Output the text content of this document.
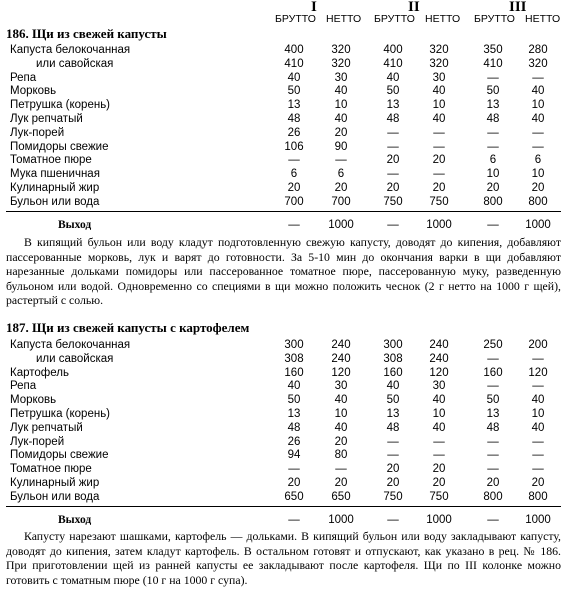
I	II	III
БРУТТО НЕТТО БРУТТО НЕТТО БРУТТО НЕТТО
186. Щи из свежей капусты
Капуста белокочанная	400	320	400	320	350	280
или савойская	410	320	410	320	410	320
Репа	40	30	40	30	—	—
Морковь	50	40	50	40	50	40
Петрушка (корень)	13	10	13	10	13	10
Лук репчатый	48	40	48	40	48	40
Лук-порей	26	20	—	—	—	—
Помидоры свежие	106	90	—	—	—	—
Томатное пюре	—	—	20	20	6	6
Мука пшеничная	6	6	—	—	10	10
Кулинарный жир	20	20	20	20	20	20
Бульон или вода	700	700	750	750	800	800
Выход	—	1000	—	1000	—	1000

В кипящий бульон или воду кладут подготовленную свежую капусту, доводят до кипения, добавляют пассерованные морковь, лук и варят до готовности. За 5-10 мин до окончания варки в щи добавляют нарезанные дольками помидоры или пассерованное томатное пюре, пассерованную муку, разведенную бульоном или водой. Одновременно со специями в щи можно положить чеснок (2 г нетто на 1000 г щей), растертый с солью.

187. Щи из свежей капусты с картофелем
Капуста белокочанная	300	240	300	240	250	200
или савойская	308	240	308	240	—	—
Картофель	160	120	160	120	160	120
Репа	40	30	40	30	—	—
Морковь	50	40	50	40	50	40
Петрушка (корень)	13	10	13	10	13	10
Лук репчатый	48	40	48	40	48	40
Лук-порей	26	20	—	—	—	—
Помидоры свежие	94	80	—	—	—	—
Томатное пюре	—	—	20	20	—	—
Кулинарный жир	20	20	20	20	20	20
Бульон или вода	650	650	750	750	800	800
Выход	—	1000	—	1000	—	1000

Капусту нарезают шашками, картофель — дольками. В кипящий бульон или воду закладывают капусту, доводят до кипения, затем кладут картофель. В остальном готовят и отпускают, как указано в рец. № 186. При приготовлении щей из ранней капусты ее закладывают после картофеля. Щи по III колонке можно готовить с томатным пюре (10 г на 1000 г супа).
